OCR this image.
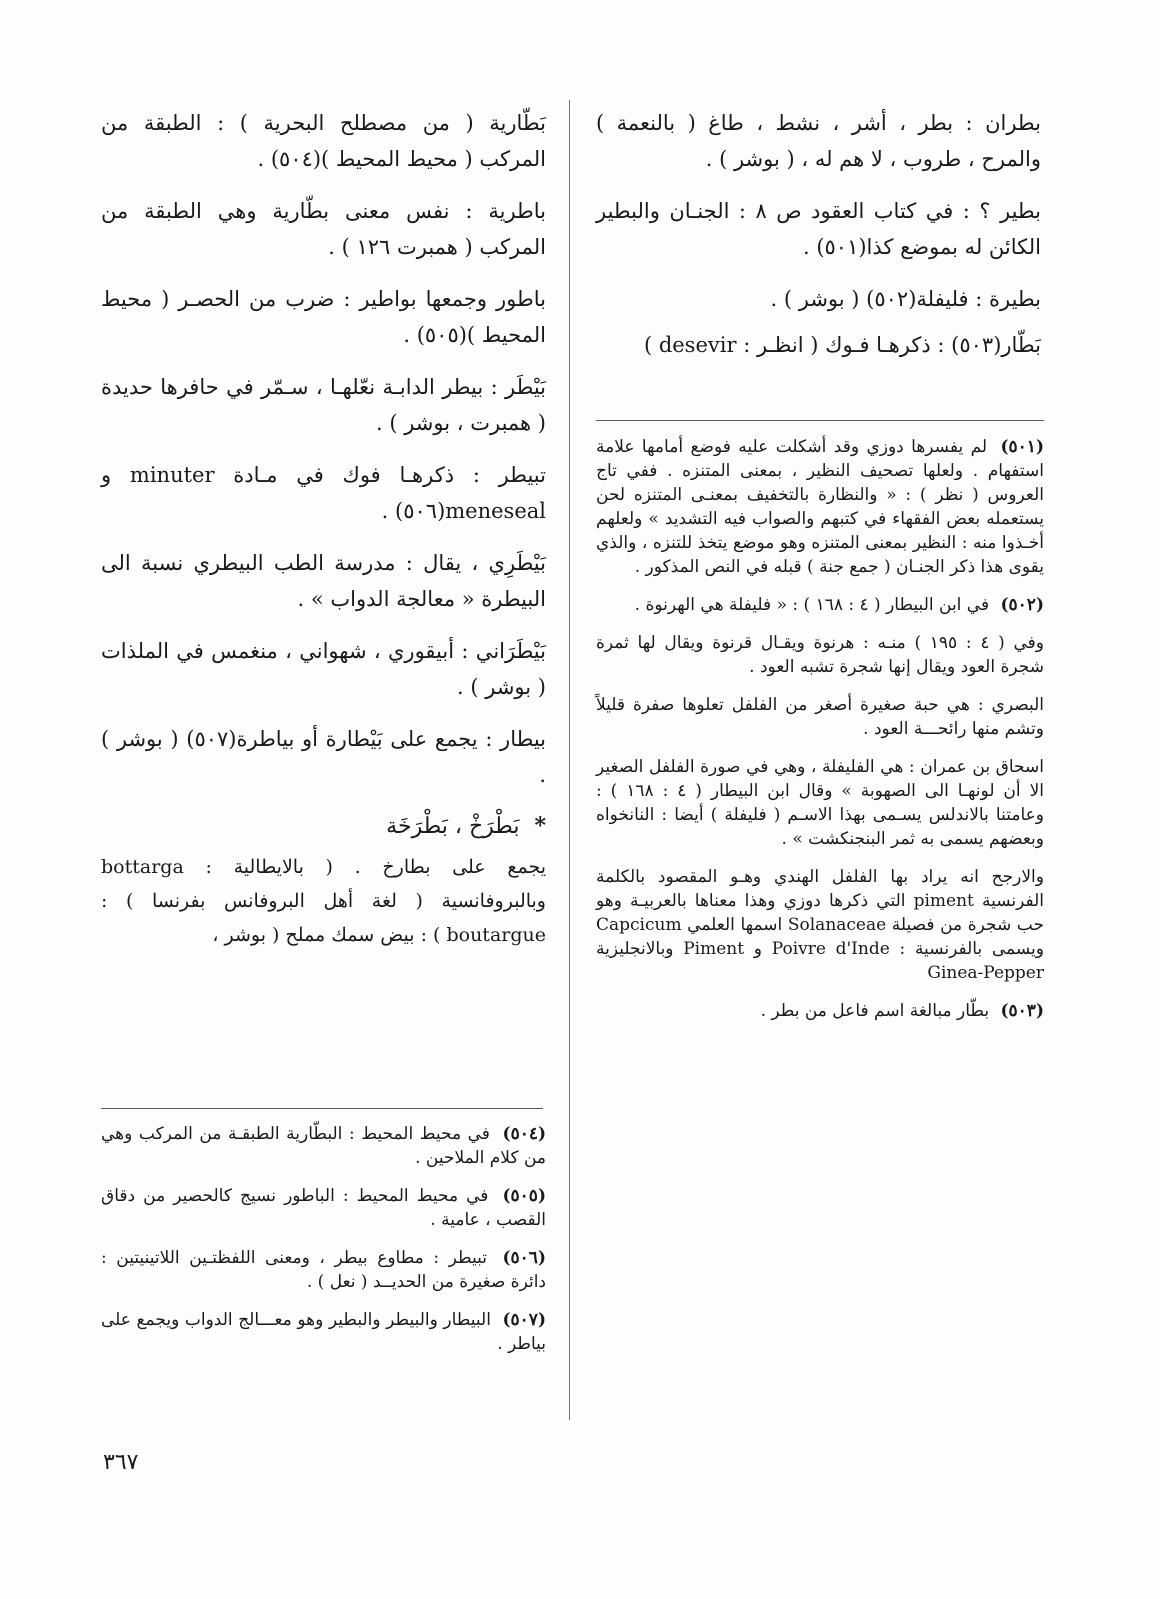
بطران : بطر ، أشر ، نشط ، طاغ ( بالنعمة ) والمرح ، طروب ، لا هم له ، ( بوشر ) .

بطير ؟ : في كتاب العقود ص ٨ : الجنـان والبطير الكائن له بموضع كذا(٥٠١) .

بطيرة : فليفلة(٥٠٢) ( بوشر ) .

بَطّار(٥٠٣) : ذكرهـا فـوك ( انظـر : desevir )

(٥٠١) لم يفسرها دوزي وقد أشكلت عليه فوضع أمامها علامة استفهام . ولعلها تصحيف النظير ، بمعنى المتنزه . ففي تاج العروس ( نظر ) : « والنظارة بالتخفيف بمعنـى المتنزه لحن يستعمله بعض الفقهاء في كتبهم والصواب فيه التشديد » ولعلهم أخـذوا منه : النظير بمعنى المتنزه وهو موضع يتخذ للتنزه ، والذي يقوى هذا ذكر الجنـان ( جمع جنة ) قبله في النص المذكور .

(٥٠٢) في ابن البيطار ( ٤ : ١٦٨ ) : « فليفلة هي الهرنوة .

وفي ( ٤ : ١٩٥ ) منـه : هرنوة ويقـال قرنوة ويقال لها ثمرة شجرة العود ويقال إنها شجرة تشبه العود .

البصري : هي حبة صغيرة أصغر من الفلفل تعلوها صفرة قليلاً وتشم منها رائحـــة العود .

اسحاق بن عمران : هي الفليفلة ، وهي في صورة الفلفل الصغير الا أن لونهـا الى الصهوبة » وقال ابن البيطار ( ٤ : ١٦٨ ) : وعامتنا بالاندلس يسـمى بهذا الاسـم ( فليفلة ) أيضا : النانخواه وبعضهم يسمى به ثمر البنجنكشت » .

والارجح انه يراد بها الفلفل الهندي وهـو المقصود بالكلمة الفرنسية piment التي ذكرها دوزي وهذا معناها بالعربيـة وهو حب شجرة من فصيلة Solanaceae اسمها العلمي Capcicum ويسمى بالفرنسية : Poivre d'Inde و Piment وبالانجليزية Ginea-Pepper

(٥٠٣) بطّار مبالغة اسم فاعل من بطر .

بَطّارية ( من مصطلح البحرية ) : الطبقة من المركب ( محيط المحيط )(٥٠٤) .

باطرية : نفس معنى بطّارية وهي الطبقة من المركب ( همبرت ١٢٦ ) .

باطور وجمعها بواطير : ضرب من الحصـر ( محيط المحيط )(٥٠٥) .

بَيْطَر : بيطر الدابـة نعّلهـا ، سـمّر في حافرها حديدة ( همبرت ، بوشر ) .

تبيطر : ذكرهـا فوك في مـادة minuter و meneseal(٥٠٦) .

بَيْطَرِي ، يقال : مدرسة الطب البيطري نسبة الى البيطرة « معالجة الدواب » .

بَيْطَرَاني : أبيقوري ، شهواني ، منغمس في الملذات ( بوشر ) .

بيطار : يجمع على بَيْطارة أو بياطرة(٥٠٧) ( بوشر ) .

* بَطْرَخْ ، بَطْرَخَة

يجمع على بطارخ . ( بالايطالية : bottarga وبالبروفانسية ( لغة أهل البروفانس بفرنسا ) : boutargue ) : بيض سمك مملح ( بوشر ،

(٥٠٤) في محيط المحيط : البطّارية الطبقـة من المركب وهي من كلام الملاحين .

(٥٠٥) في محيط المحيط : الباطور نسيج كالحصير من دقاق القصب ، عامية .

(٥٠٦) تبيطر : مطاوع بيطر ، ومعنى اللفظتـين اللاتينيتين : دائرة صغيرة من الحديــد ( نعل ) .

(٥٠٧) البيطار والبيطر والبطير وهو معـــالج الدواب ويجمع على بياطر .

٣٦٧
